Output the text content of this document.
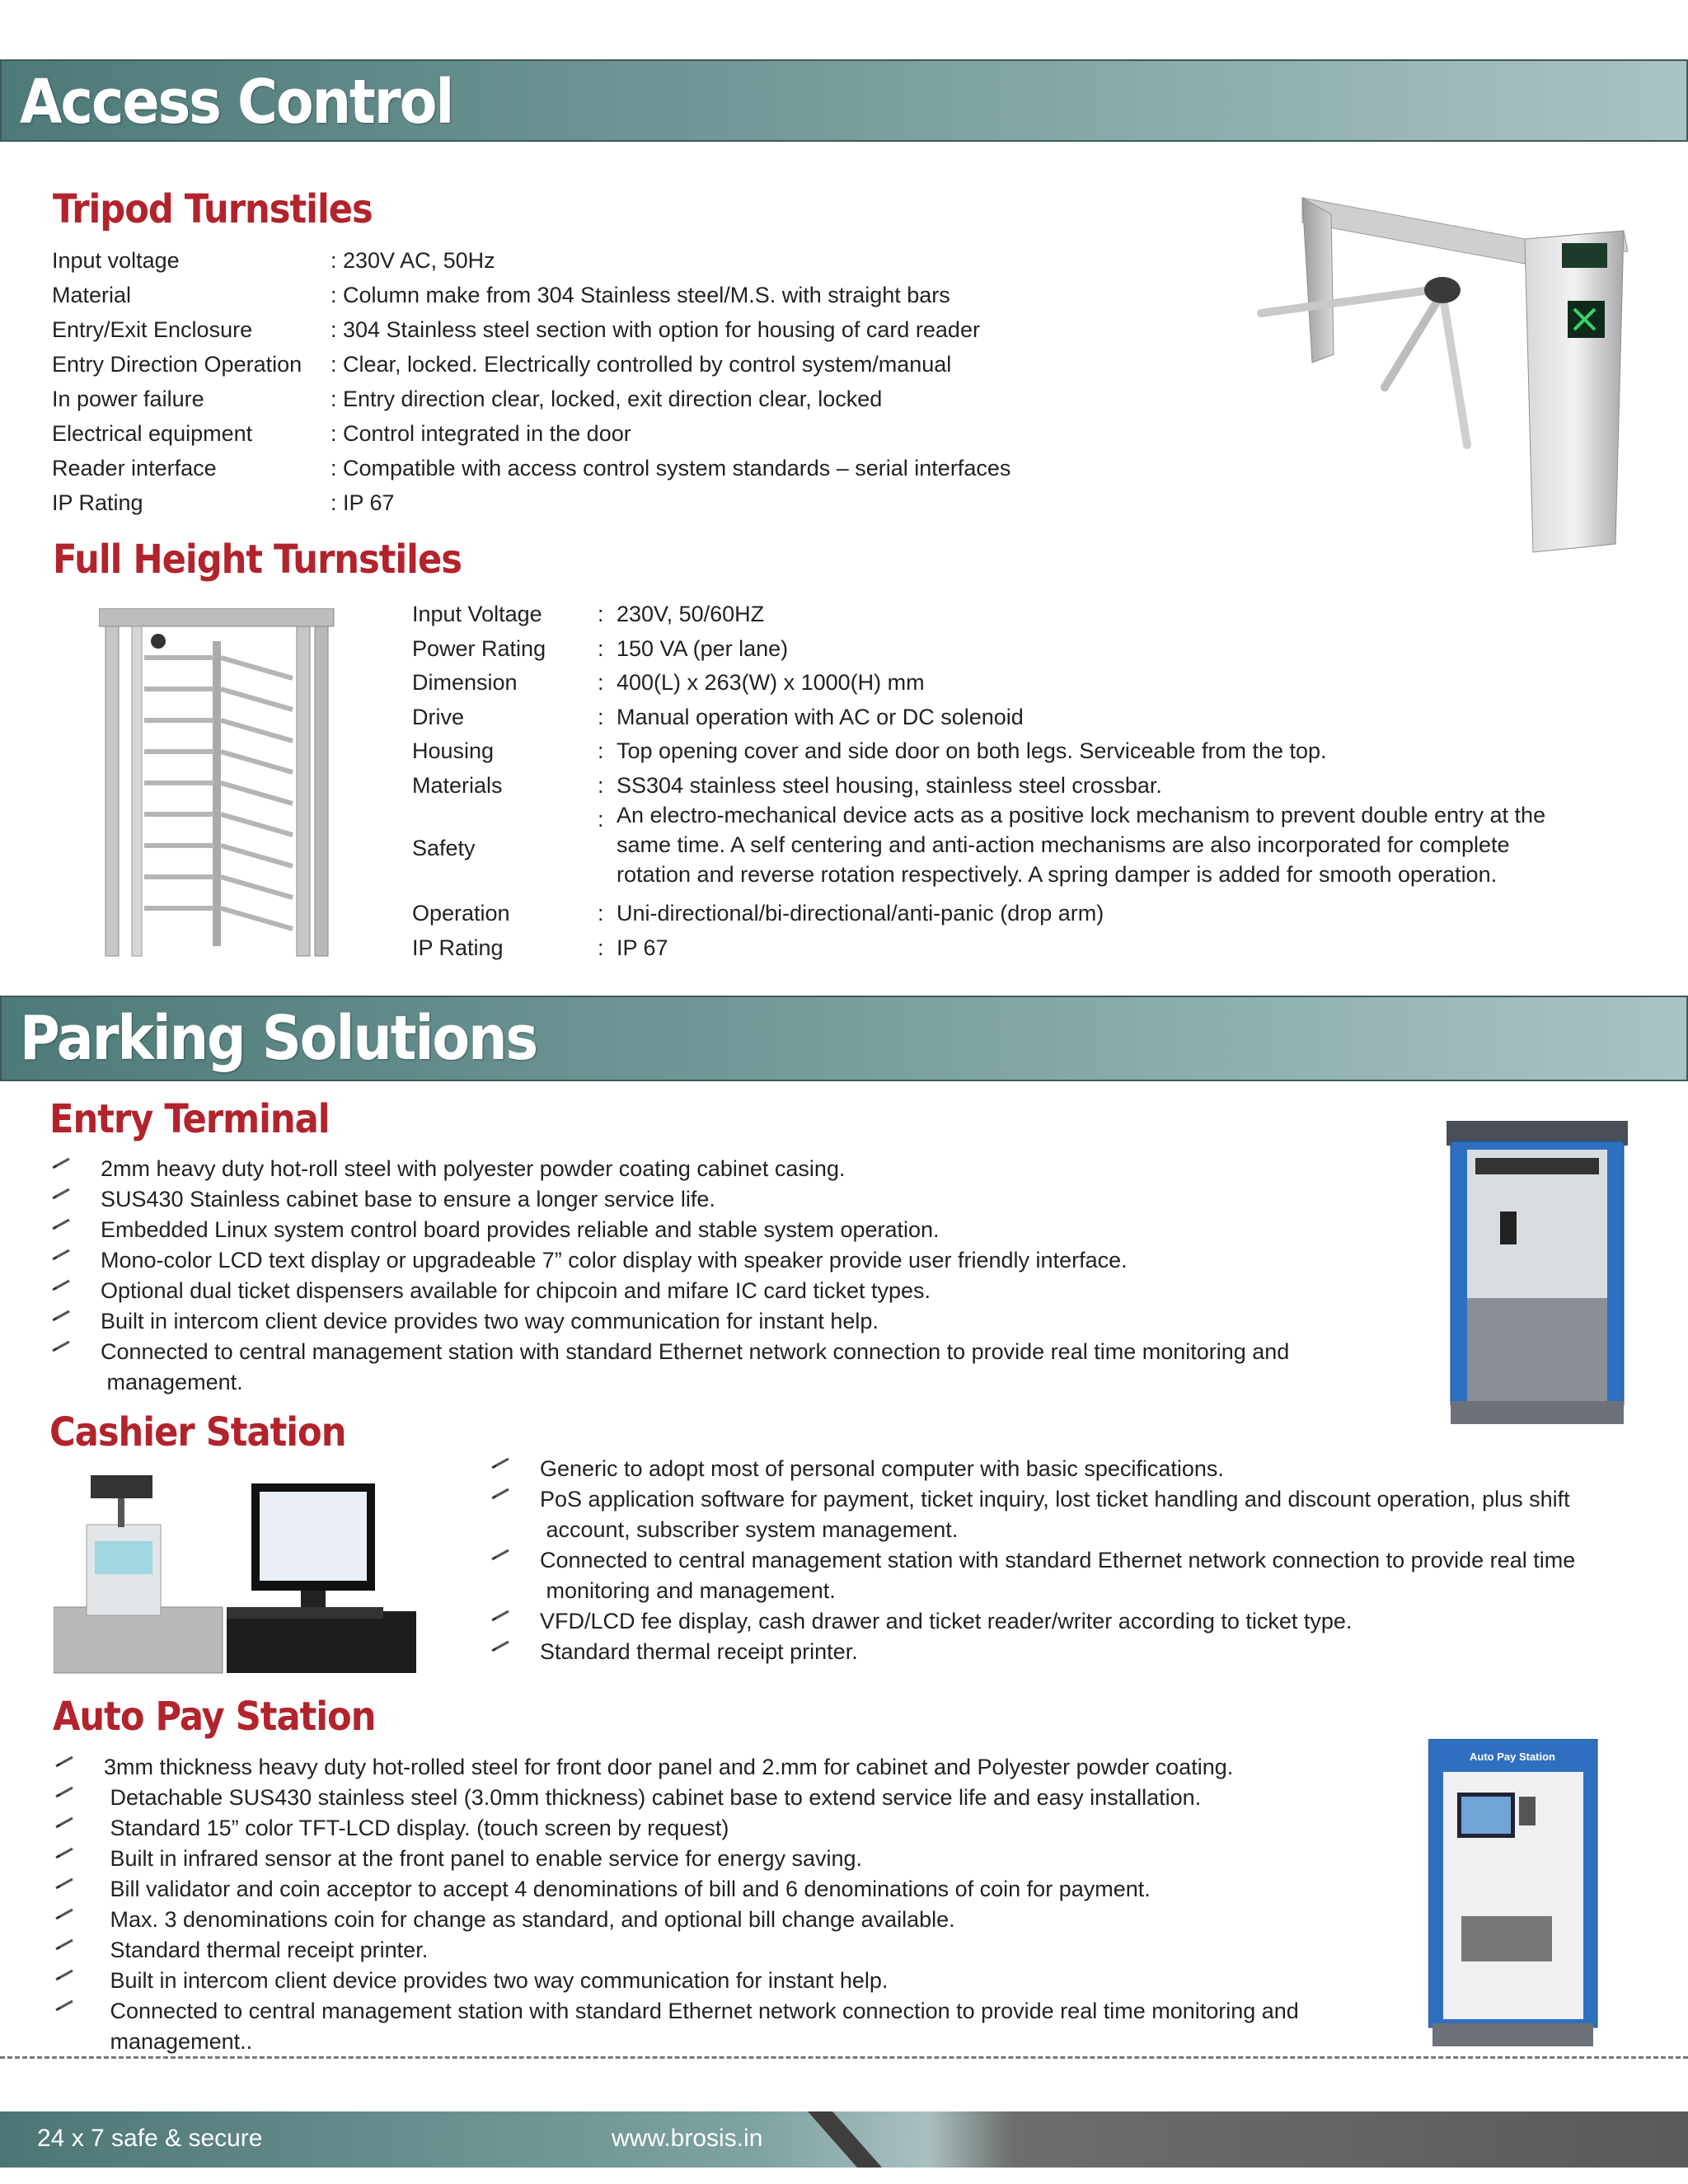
Access Control
Tripod Turnstiles
Input voltage	: 230V AC, 50Hz
Material	: Column make from 304 Stainless steel/M.S. with straight bars
Entry/Exit Enclosure	: 304 Stainless steel section with option for housing of card reader
Entry Direction Operation : Clear, locked. Electrically controlled by control system/manual
In power failure	: Entry direction clear, locked, exit direction clear, locked
Electrical equipment	: Control integrated in the door
Reader interface	: Compatible with access control system standards – serial interfaces
IP Rating	: IP 67
Full Height Turnstiles
Input Voltage : 230V, 50/60HZ
Power Rating : 150 VA (per lane)
Dimension	: 400(L) x 263(W) x 1000(H) mm
Drive	: Manual operation with AC or DC solenoid
Housing	: Top opening cover and side door on both legs. Serviceable from the top.
Materials	: SS304 stainless steel housing, stainless steel crossbar.
Safety
: An electro-mechanical device acts as a positive lock mechanism to prevent double entry at the
same time. A self centering and anti-action mechanisms are also incorporated for complete
rotation and reverse rotation respectively. A spring damper is added for smooth operation.
Operation	: Uni-directional/bi-directional/anti-panic (drop arm)
IP Rating	: IP 67
Parking Solutions
Entry Terminal
2mm heavy duty hot-roll steel with polyester powder coating cabinet casing.
SUS430 Stainless cabinet base to ensure a longer service life.
Embedded Linux system control board provides reliable and stable system operation.
Mono-color LCD text display or upgradeable 7” color display with speaker provide user friendly interface.
Optional dual ticket dispensers available for chipcoin and mifare IC card ticket types.
Built in intercom client device provides two way communication for instant help.
Connected to central management station with standard Ethernet network connection to provide real time monitoring and
management.
Cashier Station
Generic to adopt most of personal computer with basic specifications.
PoS application software for payment, ticket inquiry, lost ticket handling and discount operation, plus shift
account, subscriber system management.
Connected to central management station with standard Ethernet network connection to provide real time
monitoring and management.
VFD/LCD fee display, cash drawer and ticket reader/writer according to ticket type.
Standard thermal receipt printer.
Auto Pay Station
3mm thickness heavy duty hot-rolled steel for front door panel and 2.mm for cabinet and Polyester powder coating.
Detachable SUS430 stainless steel (3.0mm thickness) cabinet base to extend service life and easy installation.
Standard 15” color TFT-LCD display. (touch screen by request)
Built in infrared sensor at the front panel to enable service for energy saving.
Bill validator and coin acceptor to accept 4 denominations of bill and 6 denominations of coin for payment.
Max. 3 denominations coin for change as standard, and optional bill change available.
Standard thermal receipt printer.
Built in intercom client device provides two way communication for instant help.
Connected to central management station with standard Ethernet network connection to provide real time monitoring and
management..
Auto Pay Station
24 x 7 safe & secure	www.brosis.in
